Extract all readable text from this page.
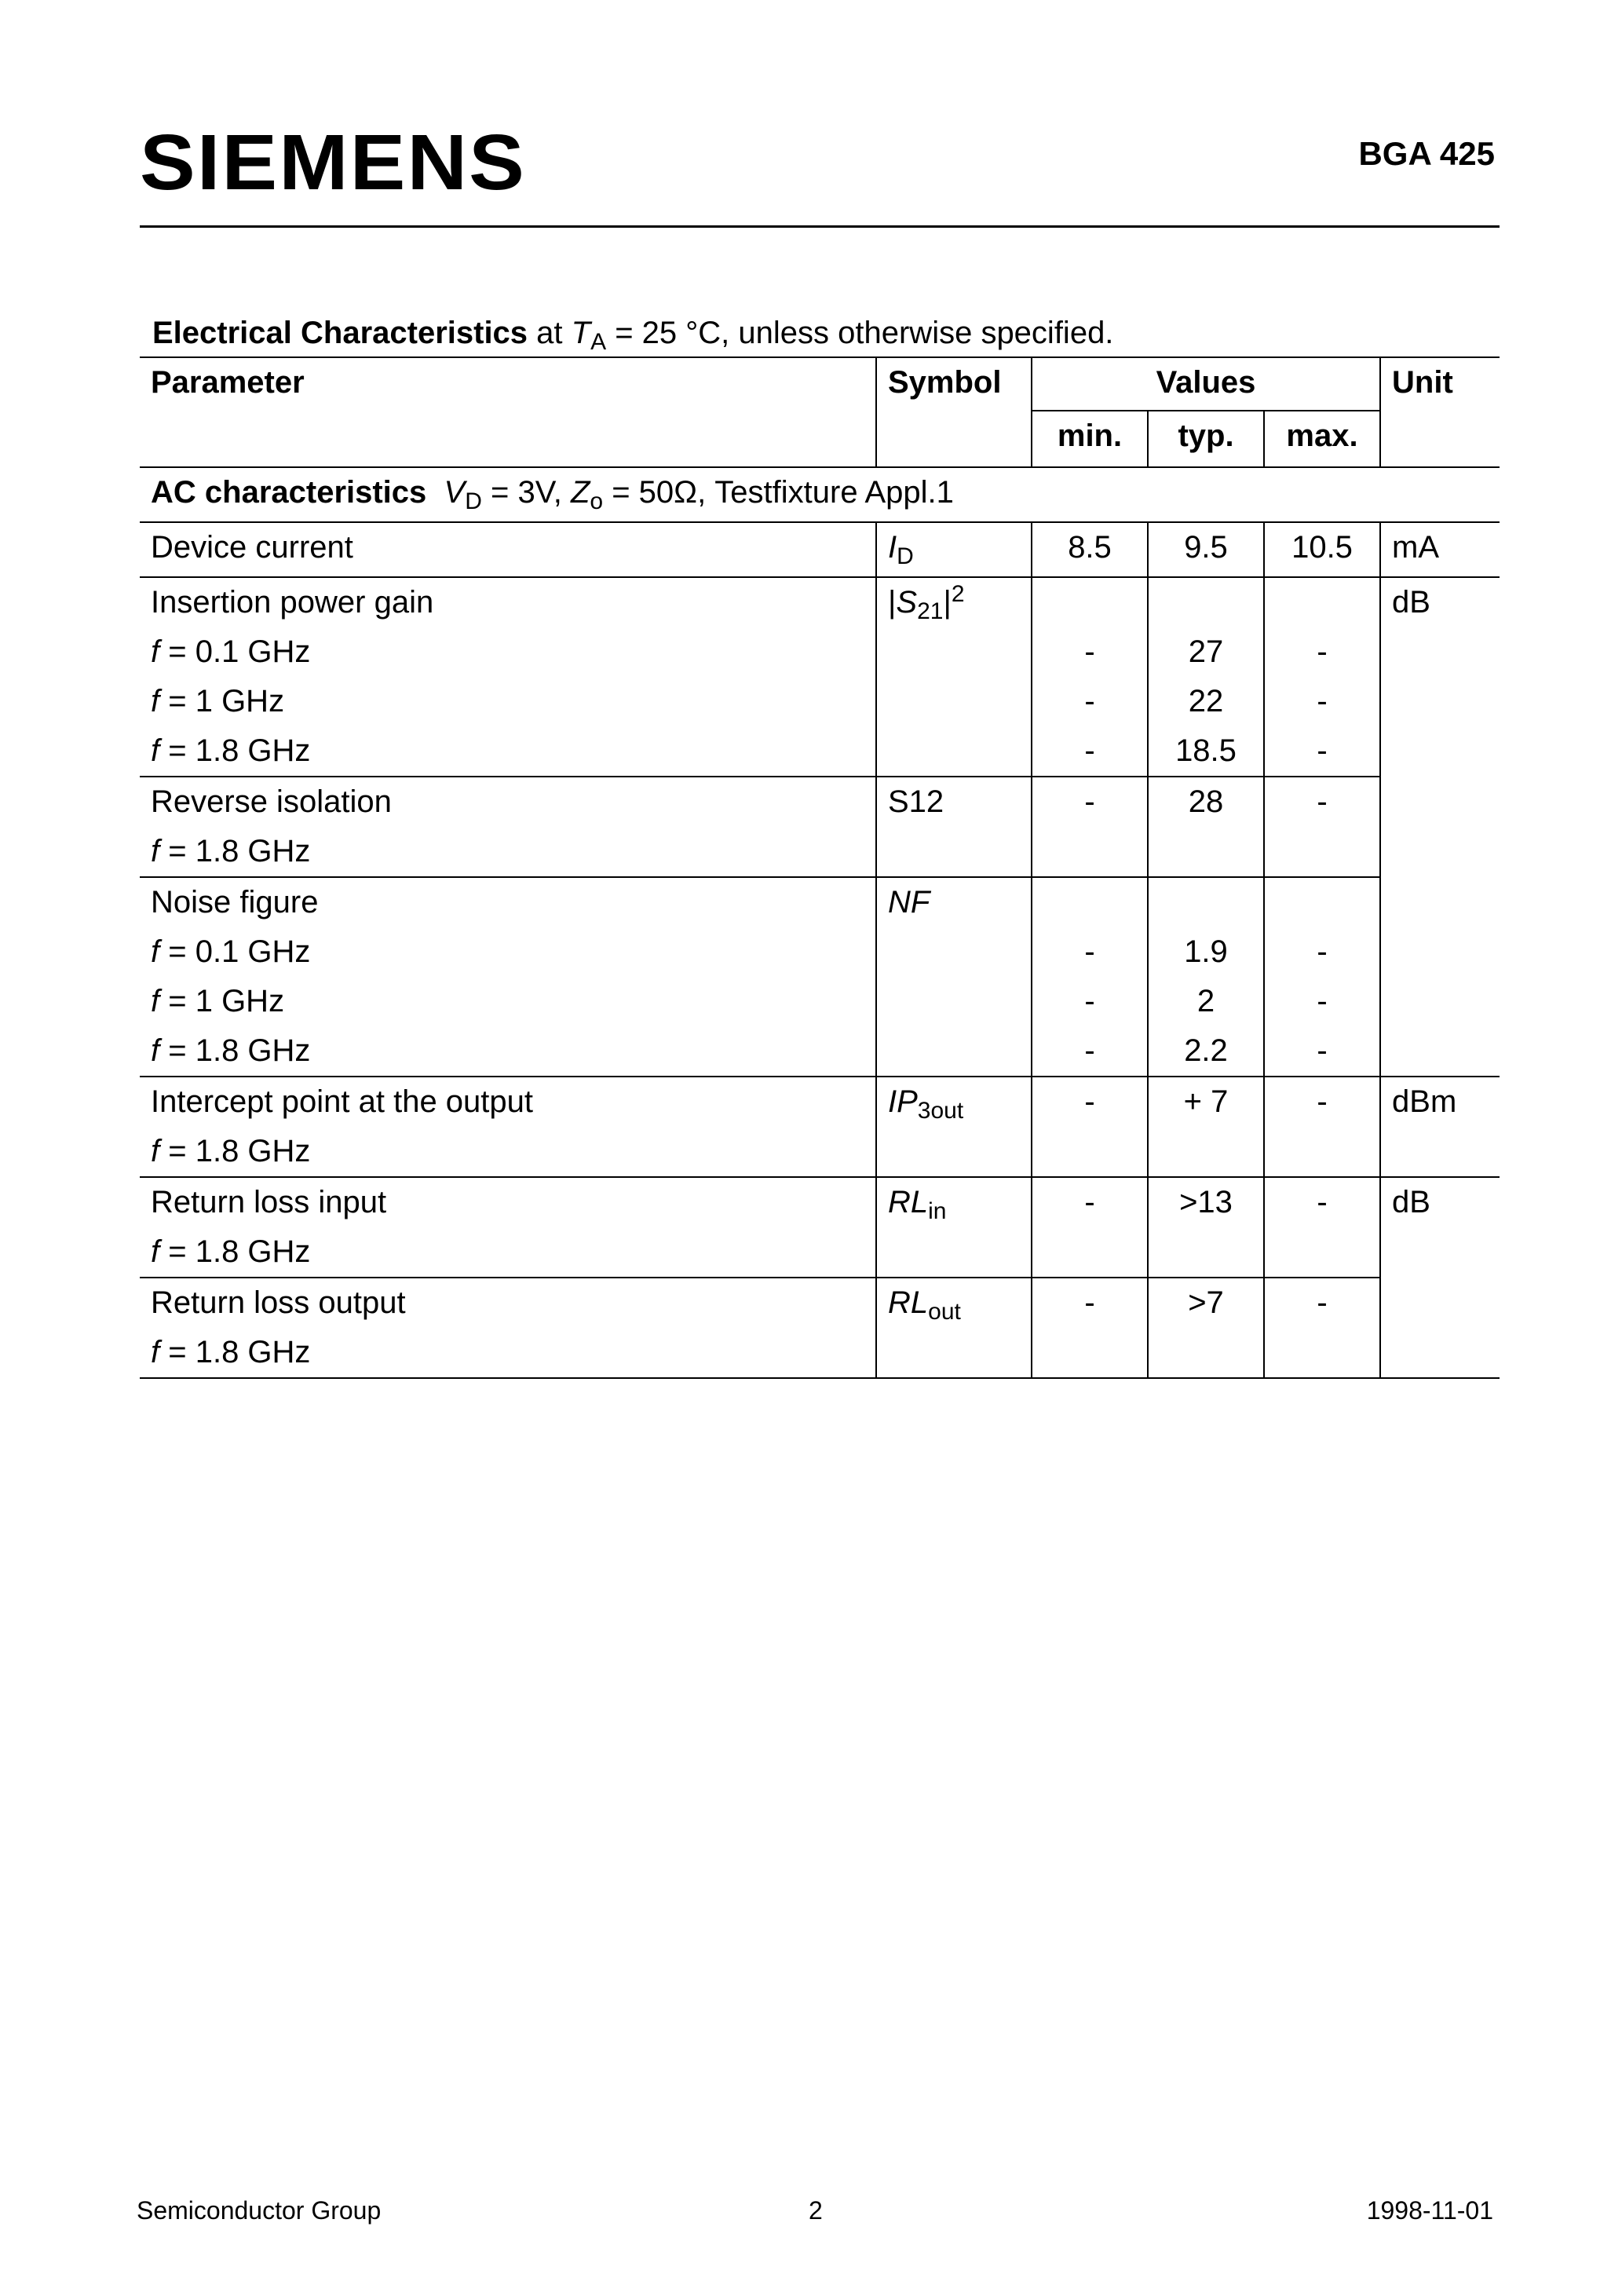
SIEMENS	BGA 425
Electrical Characteristics at $T_A = 25$ °C, unless otherwise specified.
Parameter	Symbol	Values			Unit
		min.	typ.	max.	
AC characteristics $V_D = 3V$, $Z_o = 50\Omega$, Testfixture Appl.1					
Device current	$I_D$	8.5	9.5	10.5	mA
Insertion power gain	$|S_{21}|^2$				dB
f = 0.1 GHz		-	27	-	
f = 1 GHz		-	22	-	
f = 1.8 GHz		-	18.5	-	
Reverse isolation	S12	-	28	-	
f = 1.8 GHz					
Noise figure	NF				
f = 0.1 GHz		-	1.9	-	
f = 1 GHz		-	2	-	
f = 1.8 GHz		-	2.2	-	
Intercept point at the output	$IP_{3out}$	-	+ 7	-	dBm
f = 1.8 GHz					
Return loss input	$RL_{in}$	-	>13	-	dB
f = 1.8 GHz					
Return loss output	$RL_{out}$	-	>7	-	
f = 1.8 GHz					
Semiconductor Group	2	1998-11-01
